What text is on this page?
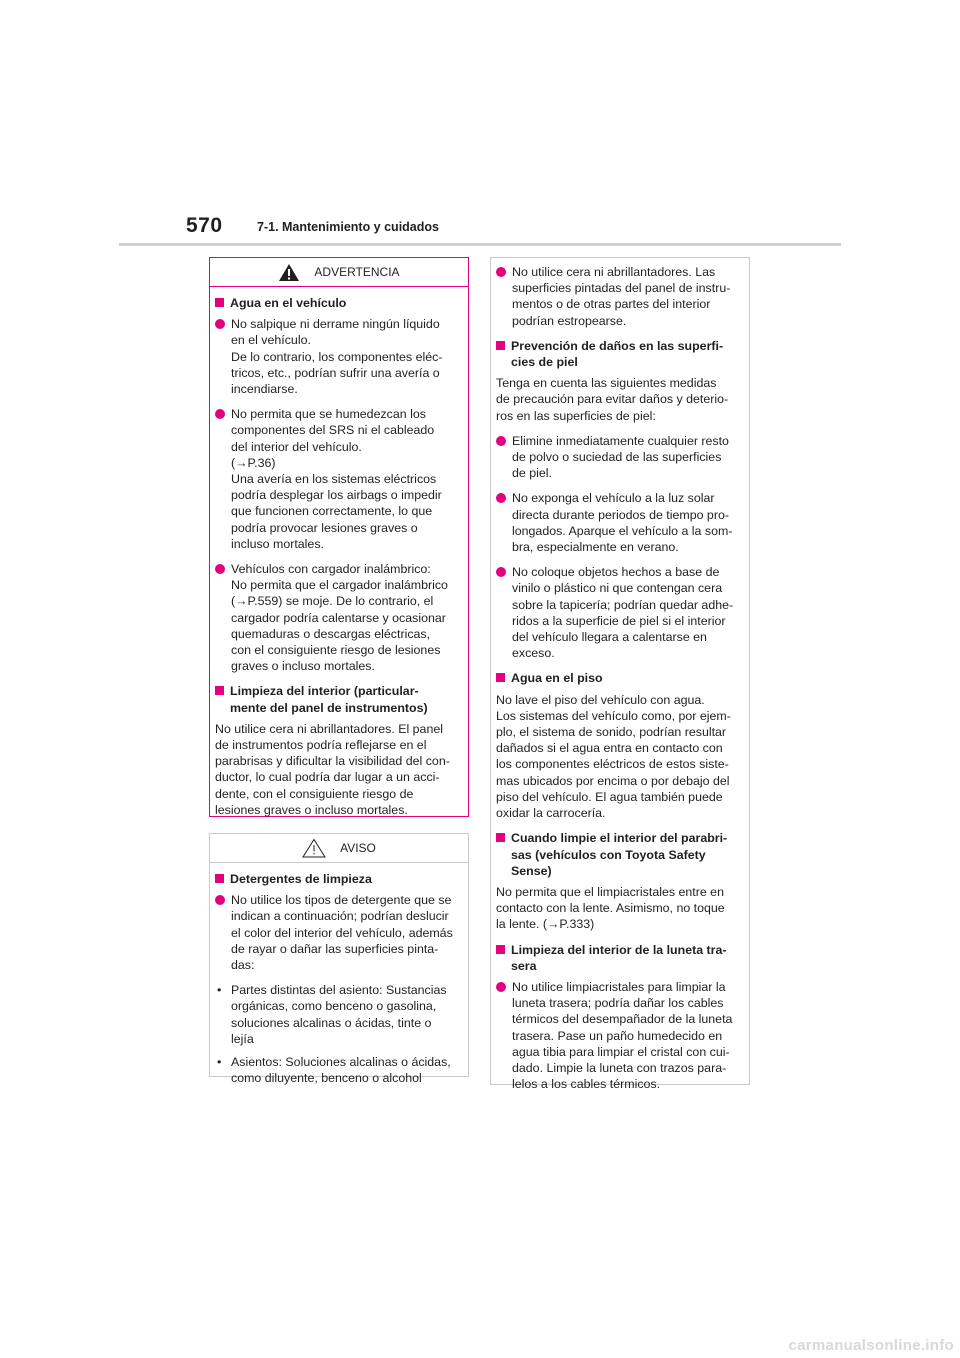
570	7-1. Mantenimiento y cuidados
ADVERTENCIA
Agua en el vehículo
No salpique ni derrame ningún líquido
en el vehículo.
De lo contrario, los componentes eléc-
tricos, etc., podrían sufrir una avería o
incendiarse.
No permita que se humedezcan los
componentes del SRS ni el cableado
del interior del vehículo.
(→P.36)
Una avería en los sistemas eléctricos
podría desplegar los airbags o impedir
que funcionen correctamente, lo que
podría provocar lesiones graves o
incluso mortales.
Vehículos con cargador inalámbrico:
No permita que el cargador inalámbrico
(→P.559) se moje. De lo contrario, el
cargador podría calentarse y ocasionar
quemaduras o descargas eléctricas,
con el consiguiente riesgo de lesiones
graves o incluso mortales.
Limpieza del interior (particular-
mente del panel de instrumentos)
No utilice cera ni abrillantadores. El panel
de instrumentos podría reflejarse en el
parabrisas y dificultar la visibilidad del con-
ductor, lo cual podría dar lugar a un acci-
dente, con el consiguiente riesgo de
lesiones graves o incluso mortales.
AVISO
Detergentes de limpieza
No utilice los tipos de detergente que se
indican a continuación; podrían deslucir
el color del interior del vehículo, además
de rayar o dañar las superficies pinta-
das:
• Partes distintas del asiento: Sustancias
orgánicas, como benceno o gasolina,
soluciones alcalinas o ácidas, tinte o
lejía
• Asientos: Soluciones alcalinas o ácidas,
como diluyente, benceno o alcohol
No utilice cera ni abrillantadores. Las
superficies pintadas del panel de instru-
mentos o de otras partes del interior
podrían estropearse.
Prevención de daños en las superfi-
cies de piel
Tenga en cuenta las siguientes medidas
de precaución para evitar daños y deterio-
ros en las superficies de piel:
Elimine inmediatamente cualquier resto
de polvo o suciedad de las superficies
de piel.
No exponga el vehículo a la luz solar
directa durante periodos de tiempo pro-
longados. Aparque el vehículo a la som-
bra, especialmente en verano.
No coloque objetos hechos a base de
vinilo o plástico ni que contengan cera
sobre la tapicería; podrían quedar adhe-
ridos a la superficie de piel si el interior
del vehículo llegara a calentarse en
exceso.
Agua en el piso
No lave el piso del vehículo con agua.
Los sistemas del vehículo como, por ejem-
plo, el sistema de sonido, podrían resultar
dañados si el agua entra en contacto con
los componentes eléctricos de estos siste-
mas ubicados por encima o por debajo del
piso del vehículo. El agua también puede
oxidar la carrocería.
Cuando limpie el interior del parabri-
sas (vehículos con Toyota Safety
Sense)
No permita que el limpiacristales entre en
contacto con la lente. Asimismo, no toque
la lente. (→P.333)
Limpieza del interior de la luneta tra-
sera
No utilice limpiacristales para limpiar la
luneta trasera; podría dañar los cables
térmicos del desempañador de la luneta
trasera. Pase un paño humedecido en
agua tibia para limpiar el cristal con cui-
dado. Limpie la luneta con trazos para-
lelos a los cables térmicos.
carmanualsonline.info
